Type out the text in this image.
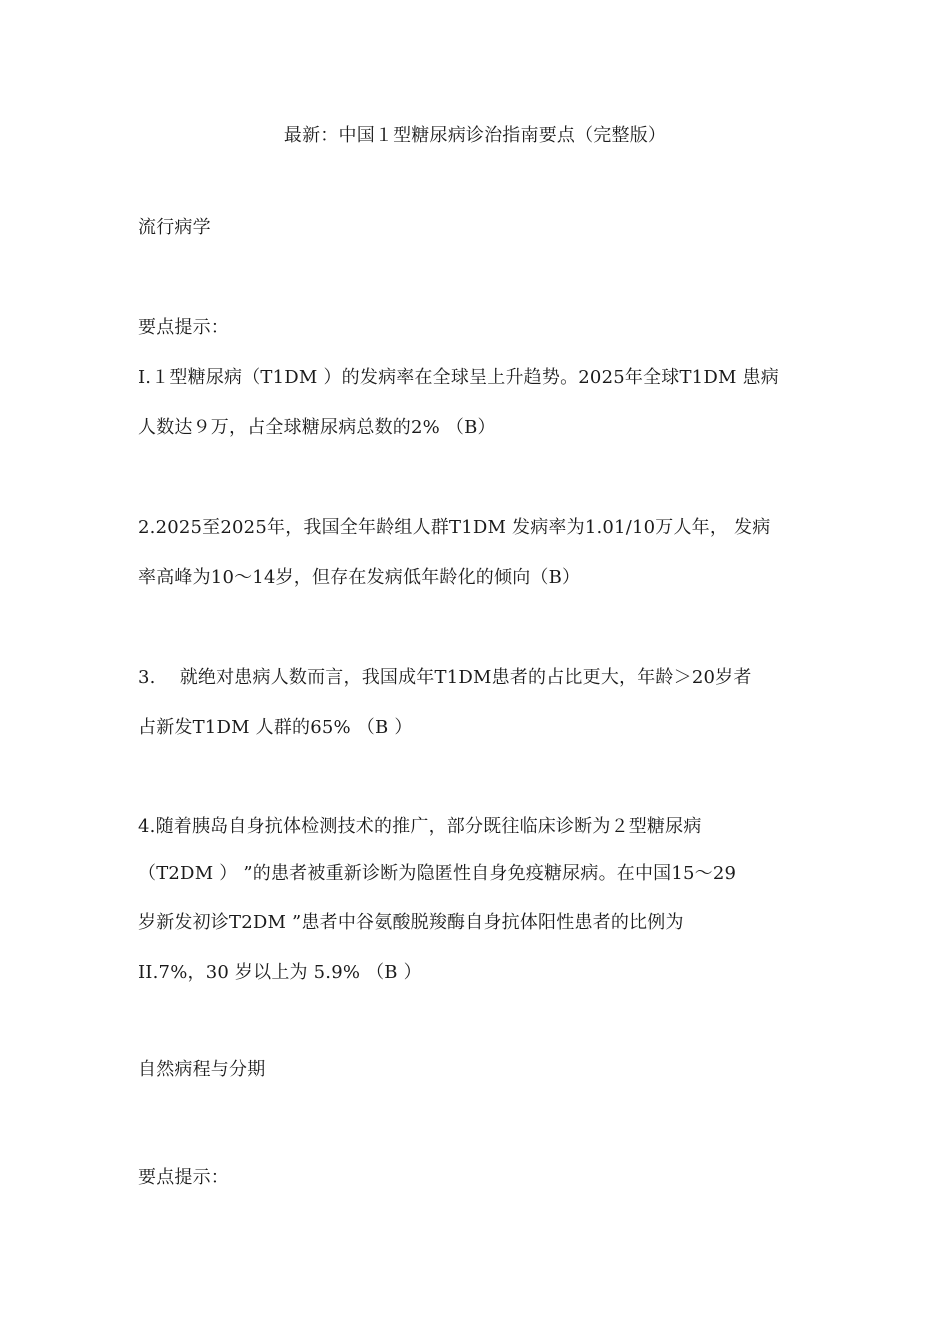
最新：中国１型糖尿病诊治指南要点（完整版）
流行病学
要点提示：
I.１型糖尿病（T1DM ）的发病率在全球呈上升趋势。2025年全球T1DM 患病
人数达９万，占全球糖尿病总数的2% （B）
2.2025至2025年，我国全年龄组人群T1DM 发病率为1.01/10万人年， 发病
率高峰为10〜14岁，但存在发病低年龄化的倾向（B）
3.　 就绝对患病人数而言，我国成年T1DM患者的占比更大，年龄＞20岁者
占新发T1DM 人群的65% （B ）
4.随着胰岛自身抗体检测技术的推广，部分既往临床诊断为２型糖尿病
（T2DM ） ”的患者被重新诊断为隐匿性自身免疫糖尿病。在中国15〜29
岁新发初诊T2DM ”患者中谷氨酸脱羧酶自身抗体阳性患者的比例为
II.7%，30 岁以上为 5.9% （B ）
自然病程与分期
要点提示：
